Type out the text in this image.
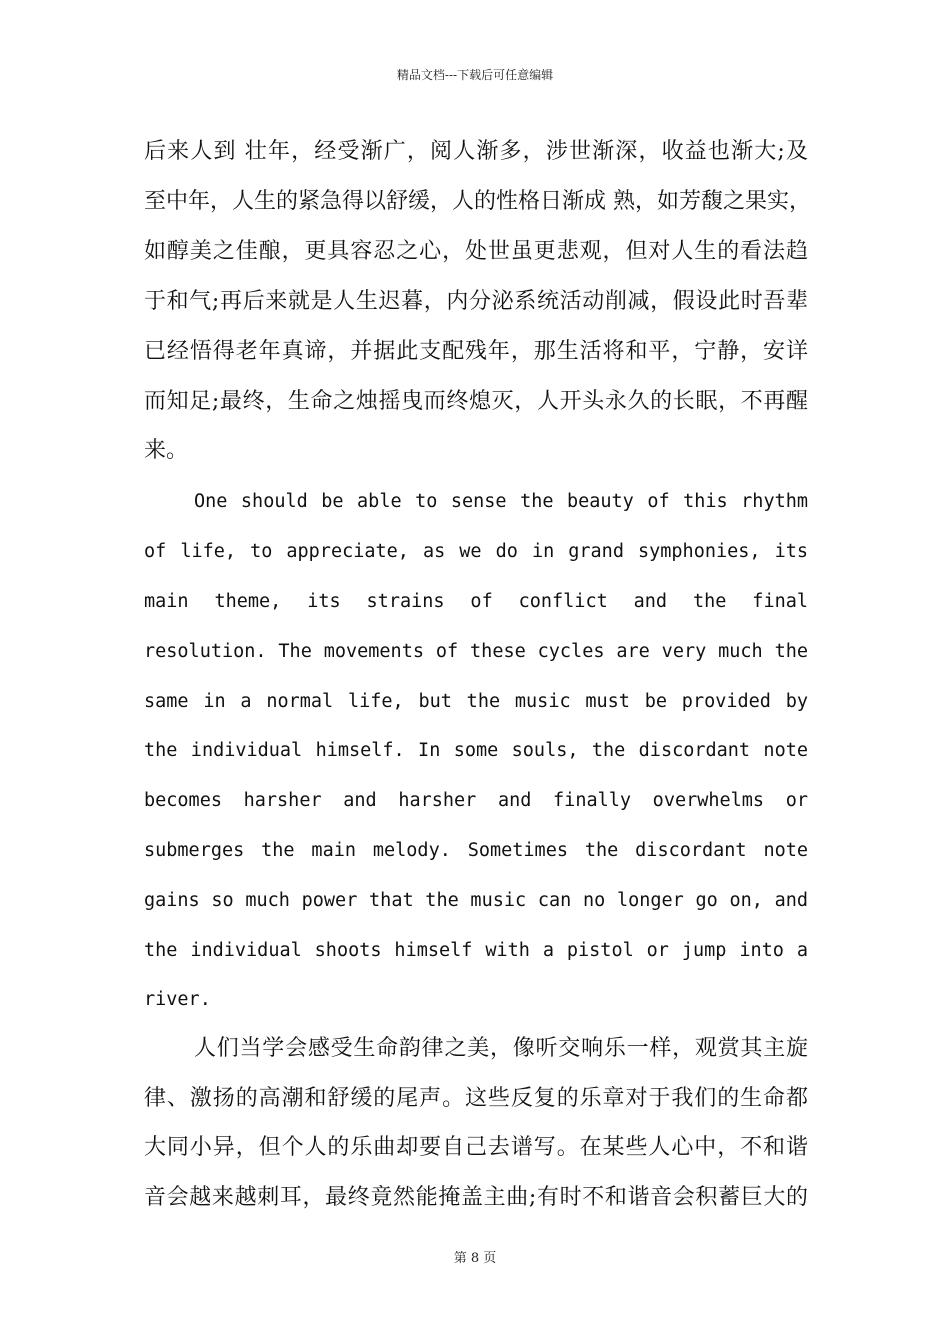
精品文档---下载后可任意编辑
后来人到 壮年，经受渐广，阅人渐多，涉世渐深，收益也渐大;及
至中年，人生的紧急得以舒缓，人的性格日渐成 熟，如芳馥之果实，
如醇美之佳酿，更具容忍之心，处世虽更悲观，但对人生的看法趋
于和气;再后来就是人生迟暮，内分泌系统活动削减，假设此时吾辈
已经悟得老年真谛，并据此支配残年，那生活将和平，宁静，安详
而知足;最终，生命之烛摇曳而终熄灭，人开头永久的长眠，不再醒
来。
One should be able to sense the beauty of this rhythm
of life, to appreciate, as we do in grand symphonies, its
main theme, its strains of conflict and the final
resolution. The movements of these cycles are very much the
same in a normal life, but the music must be provided by
the individual himself. In some souls, the discordant note
becomes harsher and harsher and finally overwhelms or
submerges the main melody. Sometimes the discordant note
gains so much power that the music can no longer go on, and
the individual shoots himself with a pistol or jump into a
river.
人们当学会感受生命韵律之美，像听交响乐一样，观赏其主旋
律、激扬的高潮和舒缓的尾声。这些反复的乐章对于我们的生命都
大同小异，但个人的乐曲却要自己去谱写。在某些人心中，不和谐
音会越来越刺耳，最终竟然能掩盖主曲;有时不和谐音会积蓄巨大的
第 8 页
